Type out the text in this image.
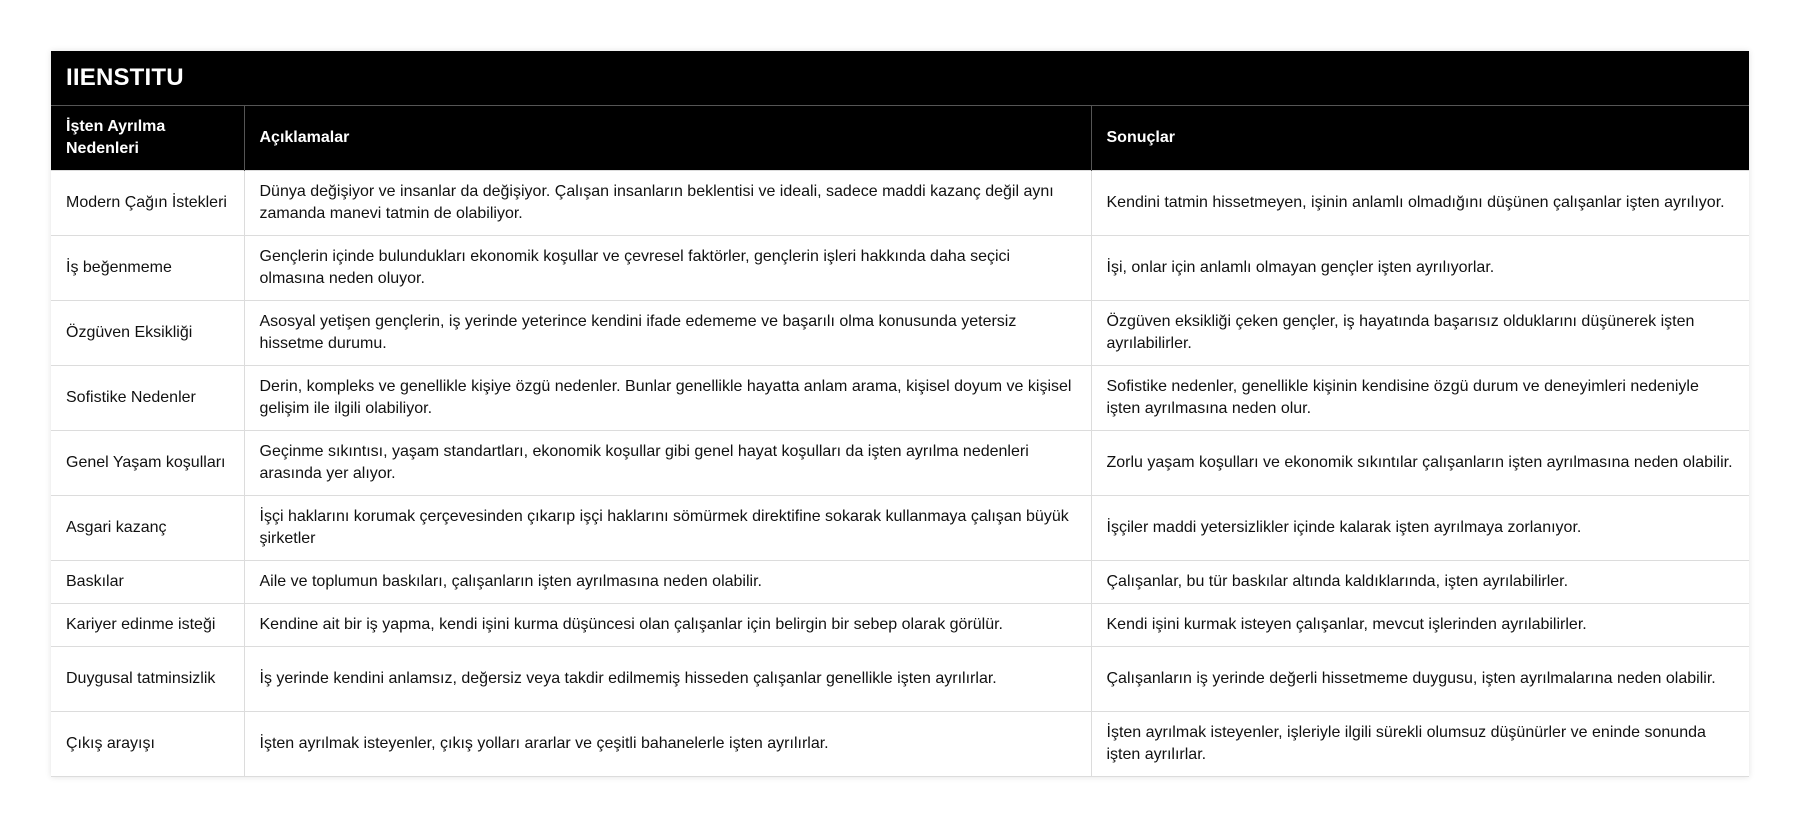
IIENSTITU
İşten Ayrılma Nedenleri	Açıklamalar	Sonuçlar
Modern Çağın İstekleri	Dünya değişiyor ve insanlar da değişiyor. Çalışan insanların beklentisi ve ideali, sadece maddi kazanç değil aynı zamanda manevi tatmin de olabiliyor.	Kendini tatmin hissetmeyen, işinin anlamlı olmadığını düşünen çalışanlar işten ayrılıyor.
İş beğenmeme	Gençlerin içinde bulundukları ekonomik koşullar ve çevresel faktörler, gençlerin işleri hakkında daha seçici olmasına neden oluyor.	İşi, onlar için anlamlı olmayan gençler işten ayrılıyorlar.
Özgüven Eksikliği	Asosyal yetişen gençlerin, iş yerinde yeterince kendini ifade edememe ve başarılı olma konusunda yetersiz hissetme durumu.	Özgüven eksikliği çeken gençler, iş hayatında başarısız olduklarını düşünerek işten ayrılabilirler.
Sofistike Nedenler	Derin, kompleks ve genellikle kişiye özgü nedenler. Bunlar genellikle hayatta anlam arama, kişisel doyum ve kişisel gelişim ile ilgili olabiliyor.	Sofistike nedenler, genellikle kişinin kendisine özgü durum ve deneyimleri nedeniyle işten ayrılmasına neden olur.
Genel Yaşam koşulları	Geçinme sıkıntısı, yaşam standartları, ekonomik koşullar gibi genel hayat koşulları da işten ayrılma nedenleri arasında yer alıyor.	Zorlu yaşam koşulları ve ekonomik sıkıntılar çalışanların işten ayrılmasına neden olabilir.
Asgari kazanç	İşçi haklarını korumak çerçevesinden çıkarıp işçi haklarını sömürmek direktifine sokarak kullanmaya çalışan büyük şirketler	İşçiler maddi yetersizlikler içinde kalarak işten ayrılmaya zorlanıyor.
Baskılar	Aile ve toplumun baskıları, çalışanların işten ayrılmasına neden olabilir.	Çalışanlar, bu tür baskılar altında kaldıklarında, işten ayrılabilirler.
Kariyer edinme isteği	Kendine ait bir iş yapma, kendi işini kurma düşüncesi olan çalışanlar için belirgin bir sebep olarak görülür.	Kendi işini kurmak isteyen çalışanlar, mevcut işlerinden ayrılabilirler.
Duygusal tatminsizlik	İş yerinde kendini anlamsız, değersiz veya takdir edilmemiş hisseden çalışanlar genellikle işten ayrılırlar.	Çalışanların iş yerinde değerli hissetmeme duygusu, işten ayrılmalarına neden olabilir.
Çıkış arayışı	İşten ayrılmak isteyenler, çıkış yolları ararlar ve çeşitli bahanelerle işten ayrılırlar.	İşten ayrılmak isteyenler, işleriyle ilgili sürekli olumsuz düşünürler ve eninde sonunda işten ayrılırlar.
